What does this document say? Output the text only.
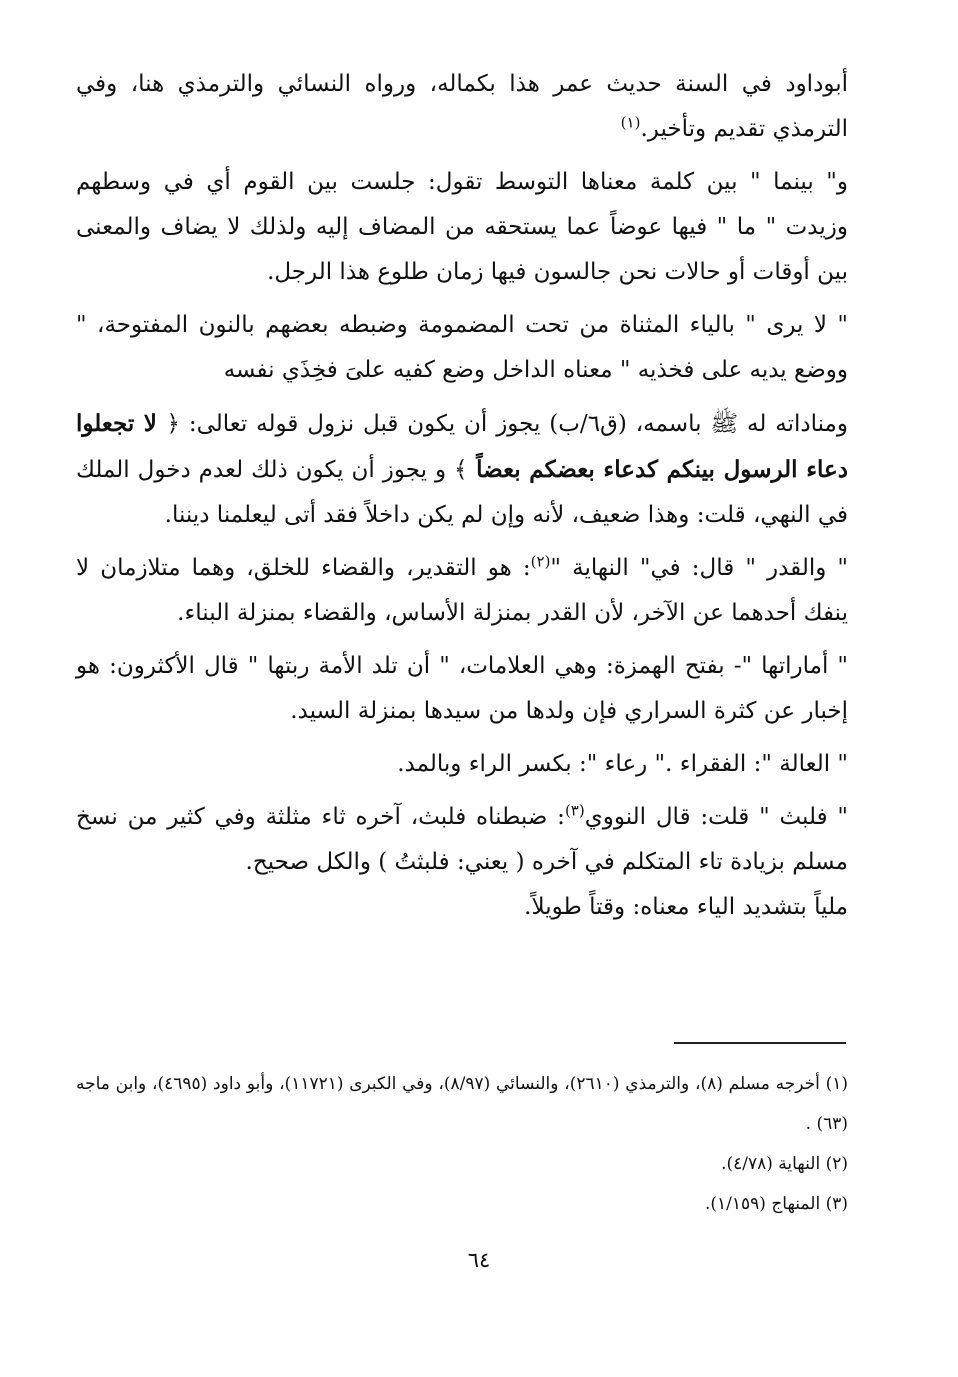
أبوداود في السنة حديث عمر هذا بكماله، ورواه النسائي والترمذي هنا، وفي الترمذي تقديم وتأخير.$^{(١)}$

و" بينما " بين كلمة معناها التوسط تقول: جلست بين القوم أي في وسطهم وزيدت " ما " فيها عوضاً عما يستحقه من المضاف إليه ولذلك لا يضاف والمعنى بين أوقات أو حالات نحن جالسون فيها زمان طلوع هذا الرجل.

" لا يرى " بالياء المثناة من تحت المضمومة وضبطه بعضهم بالنون المفتوحة، " ووضع يديه على فخذيه " معناه الداخل وضع كفيه علىَ فخِذَي نفسه

ومناداته له ﷺ باسمه، (ق٦/ب) يجوز أن يكون قبل نزول قوله تعالى: ﴿ لا تجعلوا دعاء الرسول بينكم كدعاء بعضكم بعضاً ﴾ و يجوز أن يكون ذلك لعدم دخول الملك في النهي، قلت: وهذا ضعيف، لأنه وإن لم يكن داخلاً فقد أتى ليعلمنا ديننا.

" والقدر " قال: في" النهاية "$^{(٢)}$: هو التقدير، والقضاء للخلق، وهما متلازمان لا ينفك أحدهما عن الآخر، لأن القدر بمنزلة الأساس، والقضاء بمنزلة البناء.

" أماراتها "- بفتح الهمزة: وهي العلامات، " أن تلد الأمة ربتها " قال الأكثرون: هو إخبار عن كثرة السراري فإن ولدها من سيدها بمنزلة السيد.

" العالة ": الفقراء ." رعاء ": بكسر الراء وبالمد.

" فلبث " قلت: قال النووي$^{(٣)}$: ضبطناه فلبث، آخره ثاء مثلثة وفي كثير من نسخ مسلم بزيادة تاء المتكلم في آخره ( يعني: فلبثتُ ) والكل صحيح.

ملياً بتشديد الياء معناه: وقتاً طويلاً.

(١) أخرجه مسلم (٨)، والترمذي (٢٦١٠)، والنسائي (٨/٩٧)، وفي الكبرى (١١٧٢١)، وأبو داود (٤٦٩٥)، وابن ماجه (٦٣) .

(٢) النهاية (٤/٧٨).

(٣) المنهاج (١/١٥٩).

٦٤
